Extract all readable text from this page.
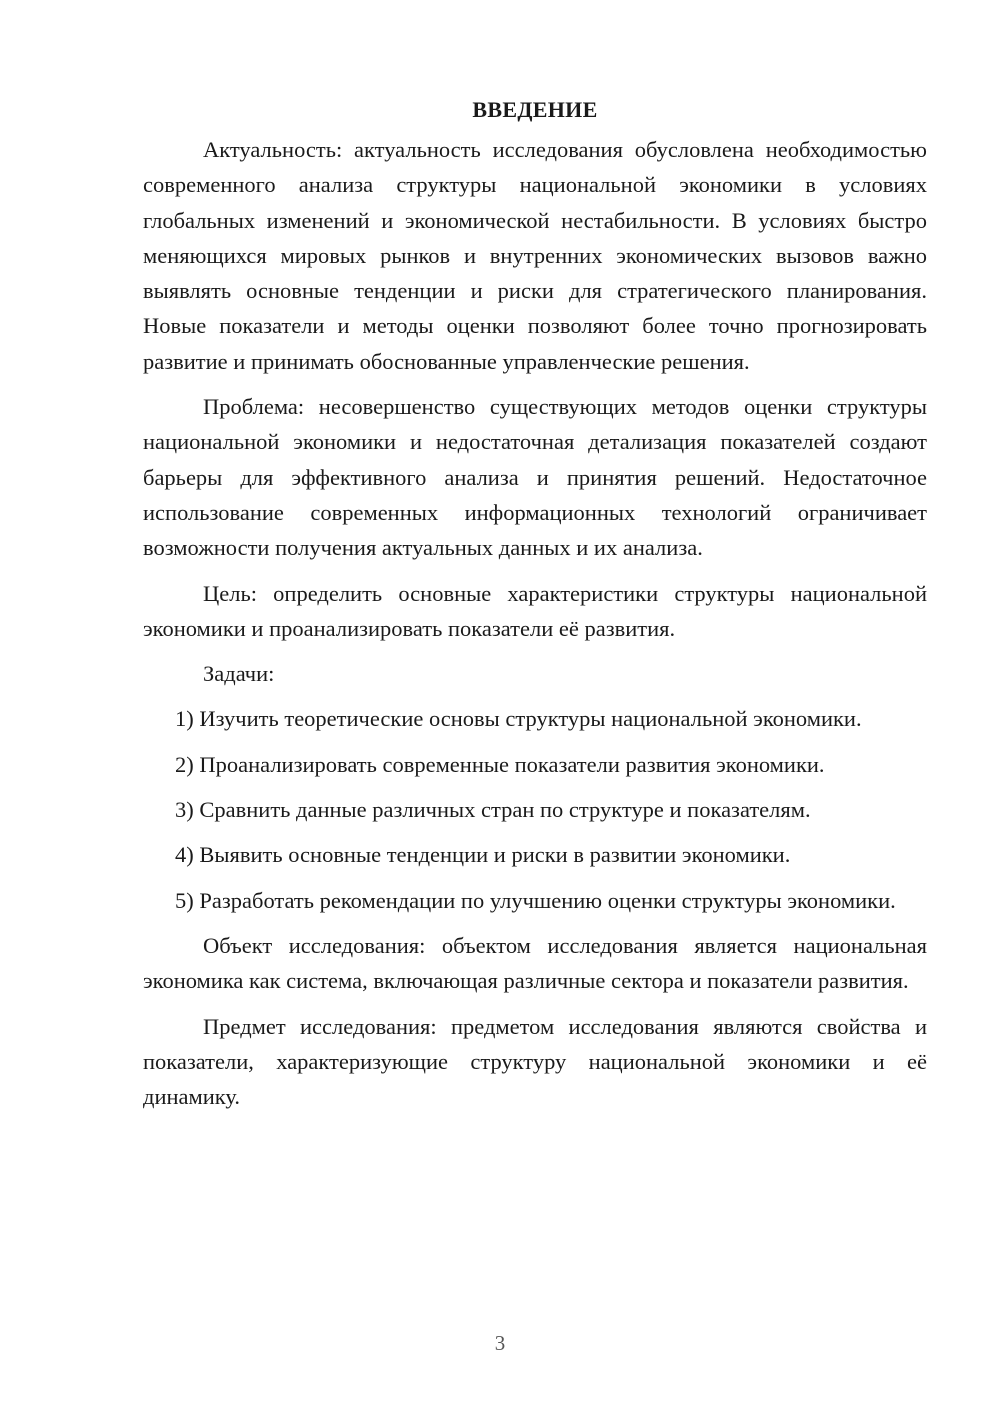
ВВЕДЕНИЕ

Актуальность: актуальность исследования обусловлена необходимостью современного анализа структуры национальной экономики в условиях глобальных изменений и экономической нестабильности. В условиях быстро меняющихся мировых рынков и внутренних экономических вызовов важно выявлять основные тенденции и риски для стратегического планирования. Новые показатели и методы оценки позволяют более точно прогнозировать развитие и принимать обоснованные управленческие решения.

Проблема: несовершенство существующих методов оценки структуры национальной экономики и недостаточная детализация показателей создают барьеры для эффективного анализа и принятия решений. Недостаточное использование современных информационных технологий ограничивает возможности получения актуальных данных и их анализа.

Цель: определить основные характеристики структуры национальной экономики и проанализировать показатели её развития.

Задачи:

1) Изучить теоретические основы структуры национальной экономики.

2) Проанализировать современные показатели развития экономики.

3) Сравнить данные различных стран по структуре и показателям.

4) Выявить основные тенденции и риски в развитии экономики.

5) Разработать рекомендации по улучшению оценки структуры экономики.

Объект исследования: объектом исследования является национальная экономика как система, включающая различные сектора и показатели развития.

Предмет исследования: предметом исследования являются свойства и показатели, характеризующие структуру национальной экономики и её динамику.

3
